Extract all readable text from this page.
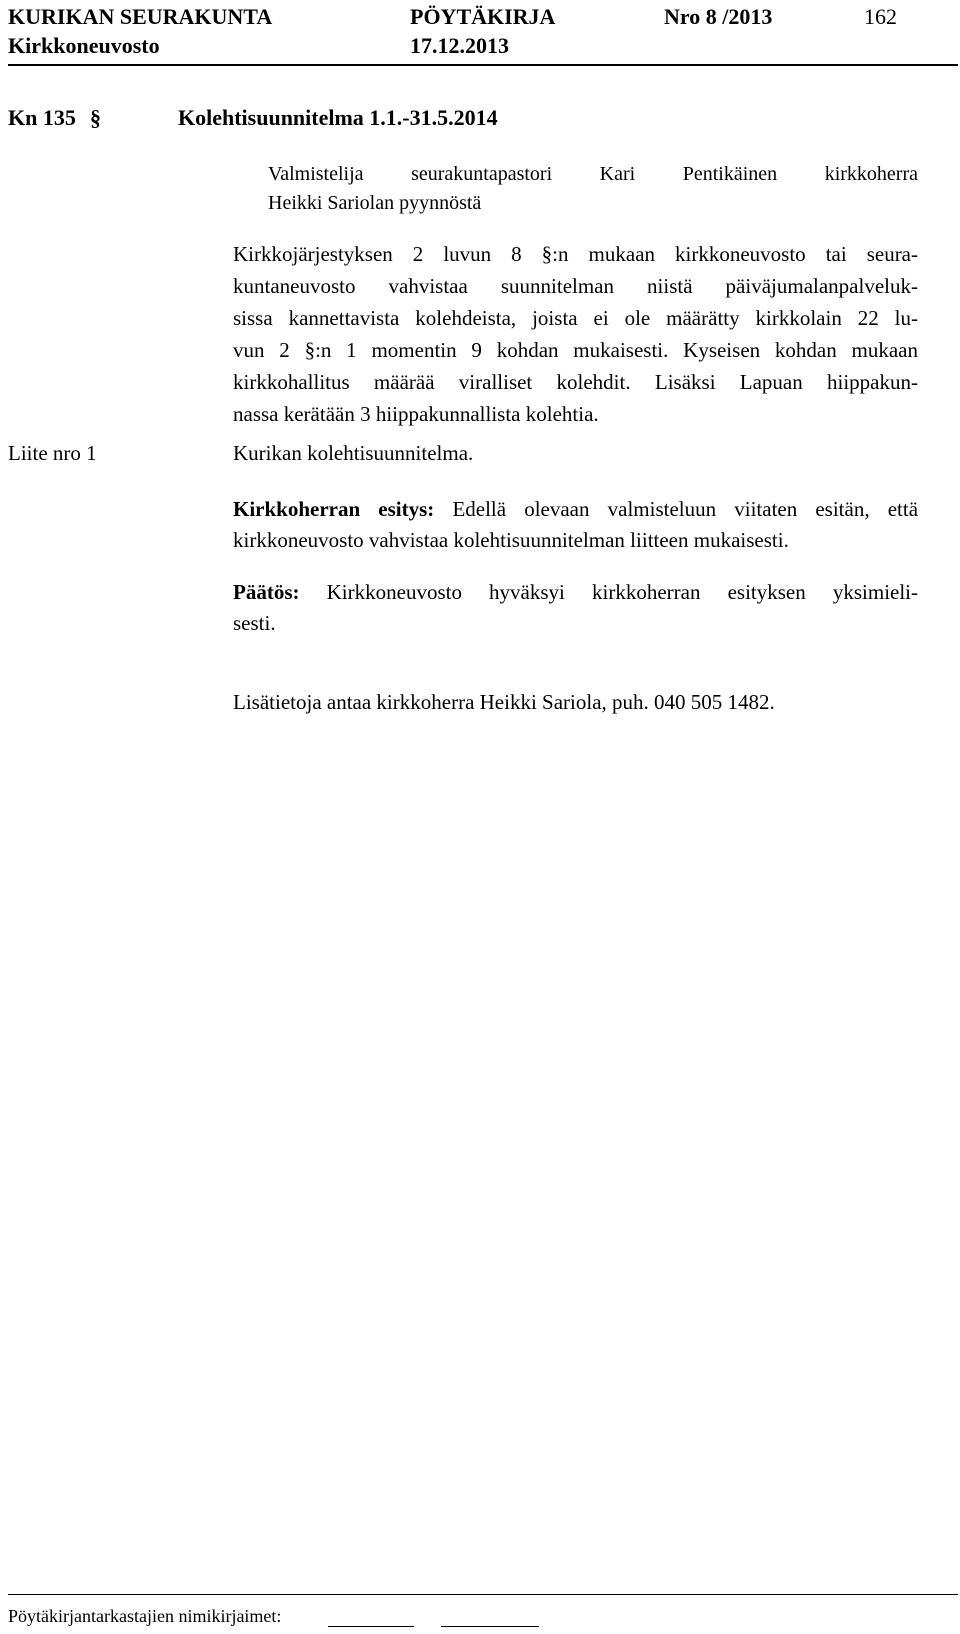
KURIKAN SEURAKUNTA	PÖYTÄKIRJA	Nro 8 /2013	162
Kirkkoneuvosto	17.12.2013
Kn 135 §	Kolehtisuunnitelma 1.1.-31.5.2014
Valmistelija seurakuntapastori Kari Pentikäinen kirkkoherra
Heikki Sariolan pyynnöstä
Kirkkojärjestyksen 2 luvun 8 §:n mukaan kirkkoneuvosto tai seura-
kuntaneuvosto vahvistaa suunnitelman niistä päiväjumalanpalveluk-
sissa kannettavista kolehdeista, joista ei ole määrätty kirkkolain 22 lu-
vun 2 §:n 1 momentin 9 kohdan mukaisesti. Kyseisen kohdan mukaan
kirkkohallitus määrää viralliset kolehdit. Lisäksi Lapuan hiippakun-
nassa kerätään 3 hiippakunnallista kolehtia.
Liite nro 1	Kurikan kolehtisuunnitelma.
Kirkkoherran esitys: Edellä olevaan valmisteluun viitaten esitän, että
kirkkoneuvosto vahvistaa kolehtisuunnitelman liitteen mukaisesti.
Päätös: Kirkkoneuvosto hyväksyi kirkkoherran esityksen yksimieli-
sesti.
Lisätietoja antaa kirkkoherra Heikki Sariola, puh. 040 505 1482.
Pöytäkirjantarkastajien nimikirjaimet:
